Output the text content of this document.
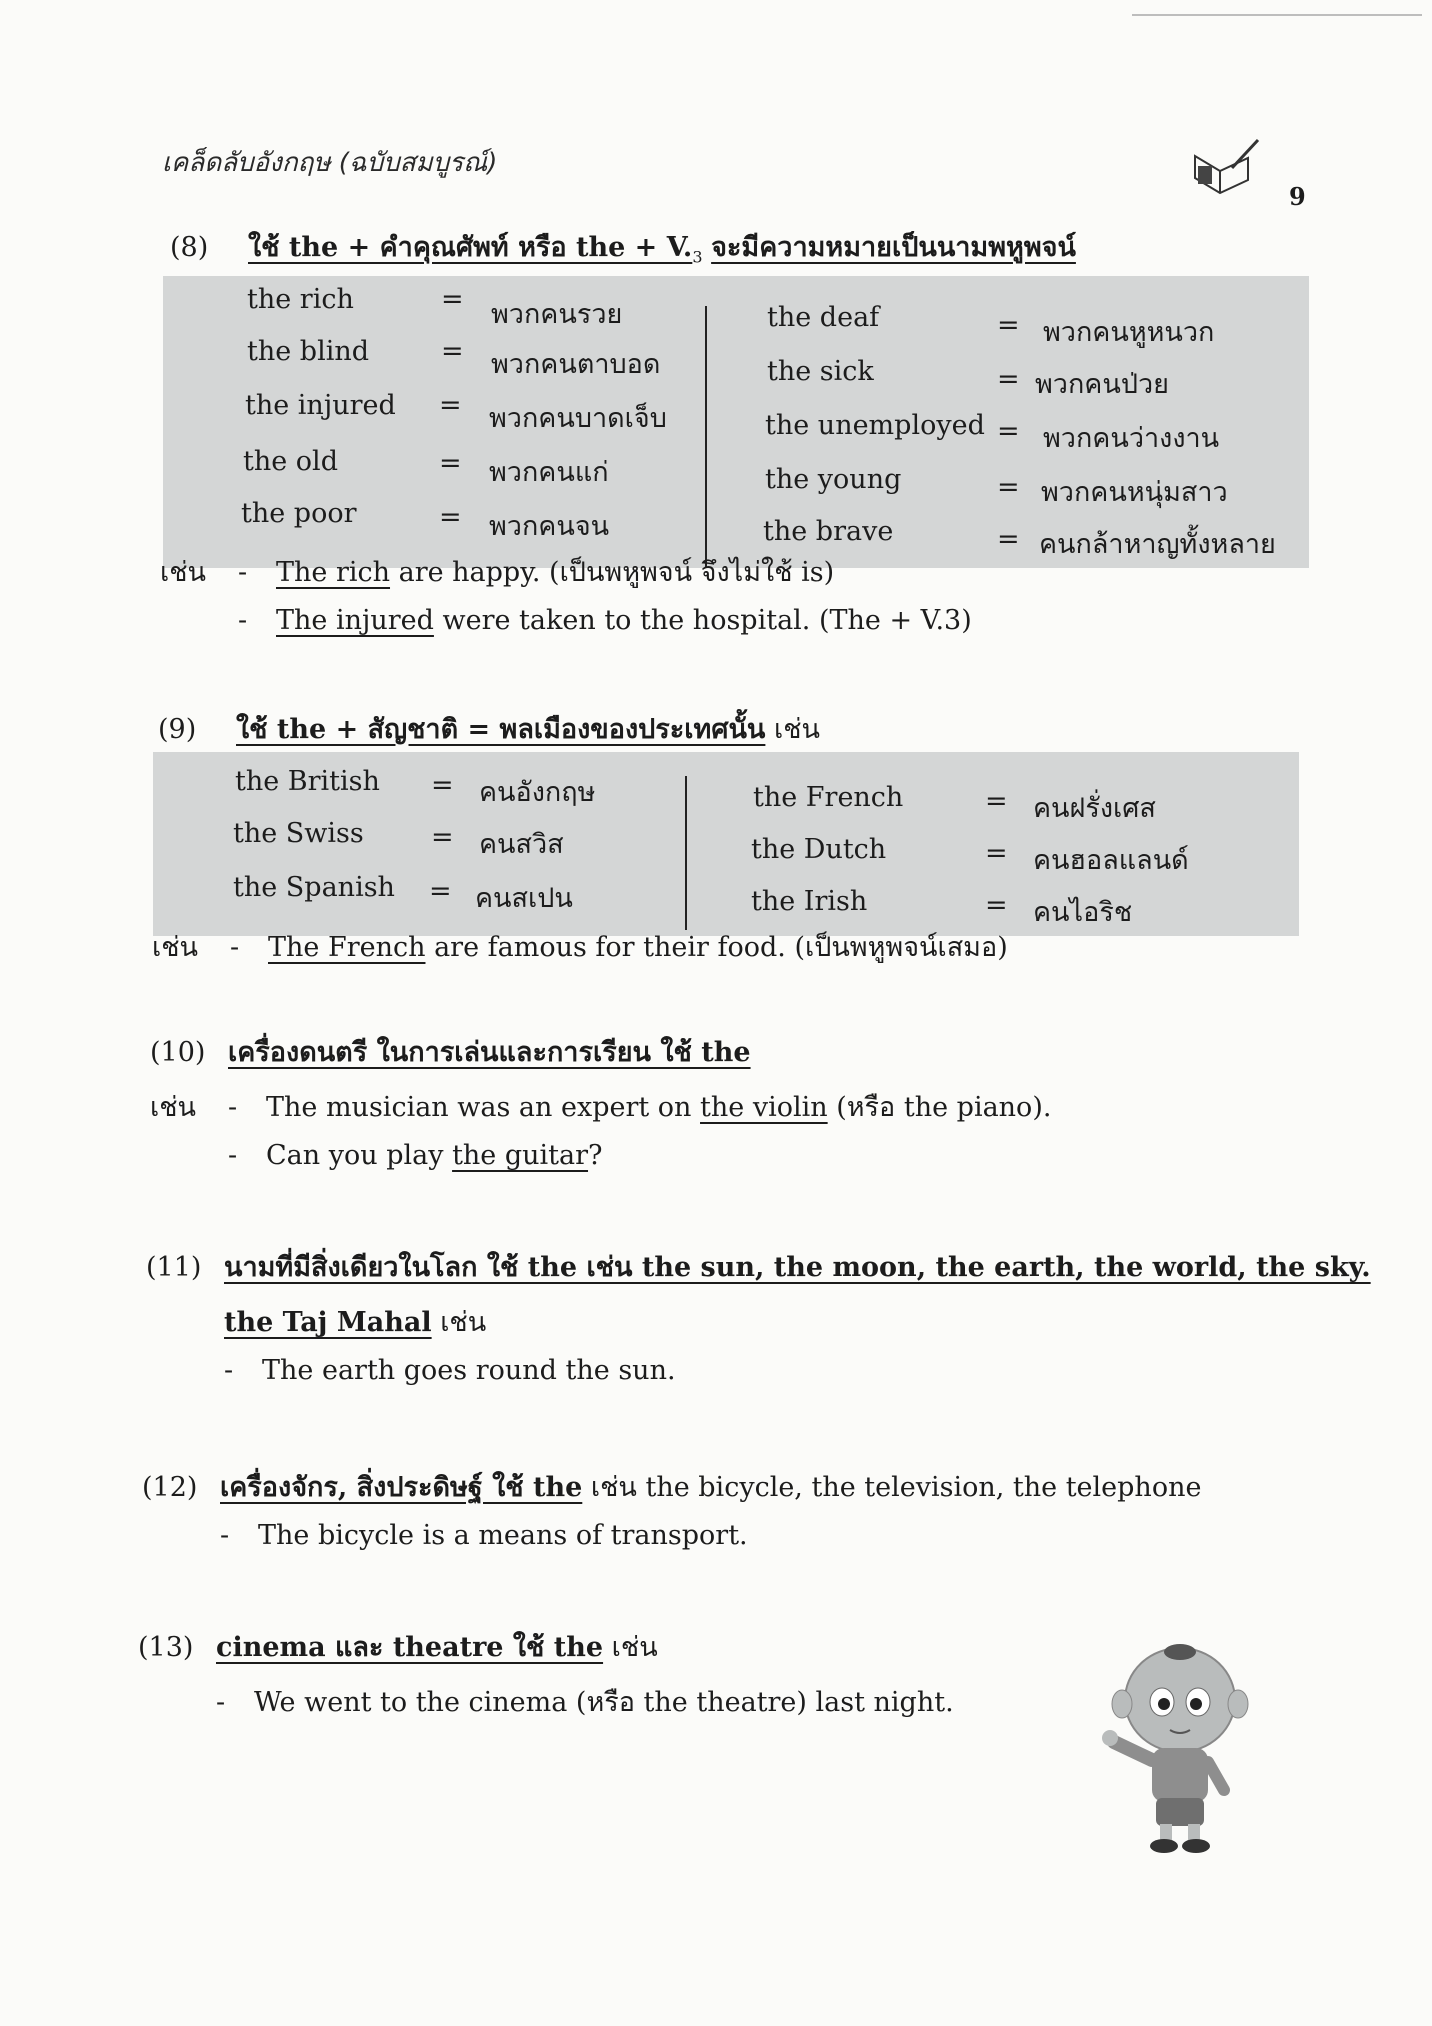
เคล็ดลับอังกฤษ (ฉบับสมบูรณ์)
9
(8) ใช้ the + คำคุณศัพท์ หรือ the + $V._3$ จะมีความหมายเป็นนามพหูพจน์
the rich	= พวกคนรวย
the blind	= พวกคนตาบอด
the injured = พวกคนบาดเจ็บ
the old	= พวกคนแก่
the poor	= พวกคนจน
the deaf	= พวกคนหูหนวก
the sick	= พวกคนป่วย
the unemployed = พวกคนว่างงาน
the young	= พวกคนหนุ่มสาว
the brave	= คนกล้าหาญทั้งหลาย
เช่น - The rich are happy. (เป็นพหูพจน์ จึงไม่ใช้ is)
- The injured were taken to the hospital. (The + V.3)
(9) ใช้ the + สัญชาติ = พลเมืองของประเทศนั้น เช่น
the British = คนอังกฤษ
the Swiss = คนสวิส
the Spanish = คนสเปน
the French	= คนฝรั่งเศส
the Dutch	= คนฮอลแลนด์
the Irish	= คนไอริช
เช่น - The French are famous for their food. (เป็นพหูพจน์เสมอ)
(10) เครื่องดนตรี ในการเล่นและการเรียน ใช้ the
เช่น - The musician was an expert on the violin (หรือ the piano).
- Can you play the guitar?
(11) นามที่มีสิ่งเดียวในโลก ใช้ the เช่น the sun, the moon, the earth, the world, the sky.
the Taj Mahal เช่น
- The earth goes round the sun.
(12) เครื่องจักร, สิ่งประดิษฐ์ ใช้ the เช่น the bicycle, the television, the telephone
- The bicycle is a means of transport.
(13) cinema และ theatre ใช้ the เช่น
- We went to the cinema (หรือ the theatre) last night.
